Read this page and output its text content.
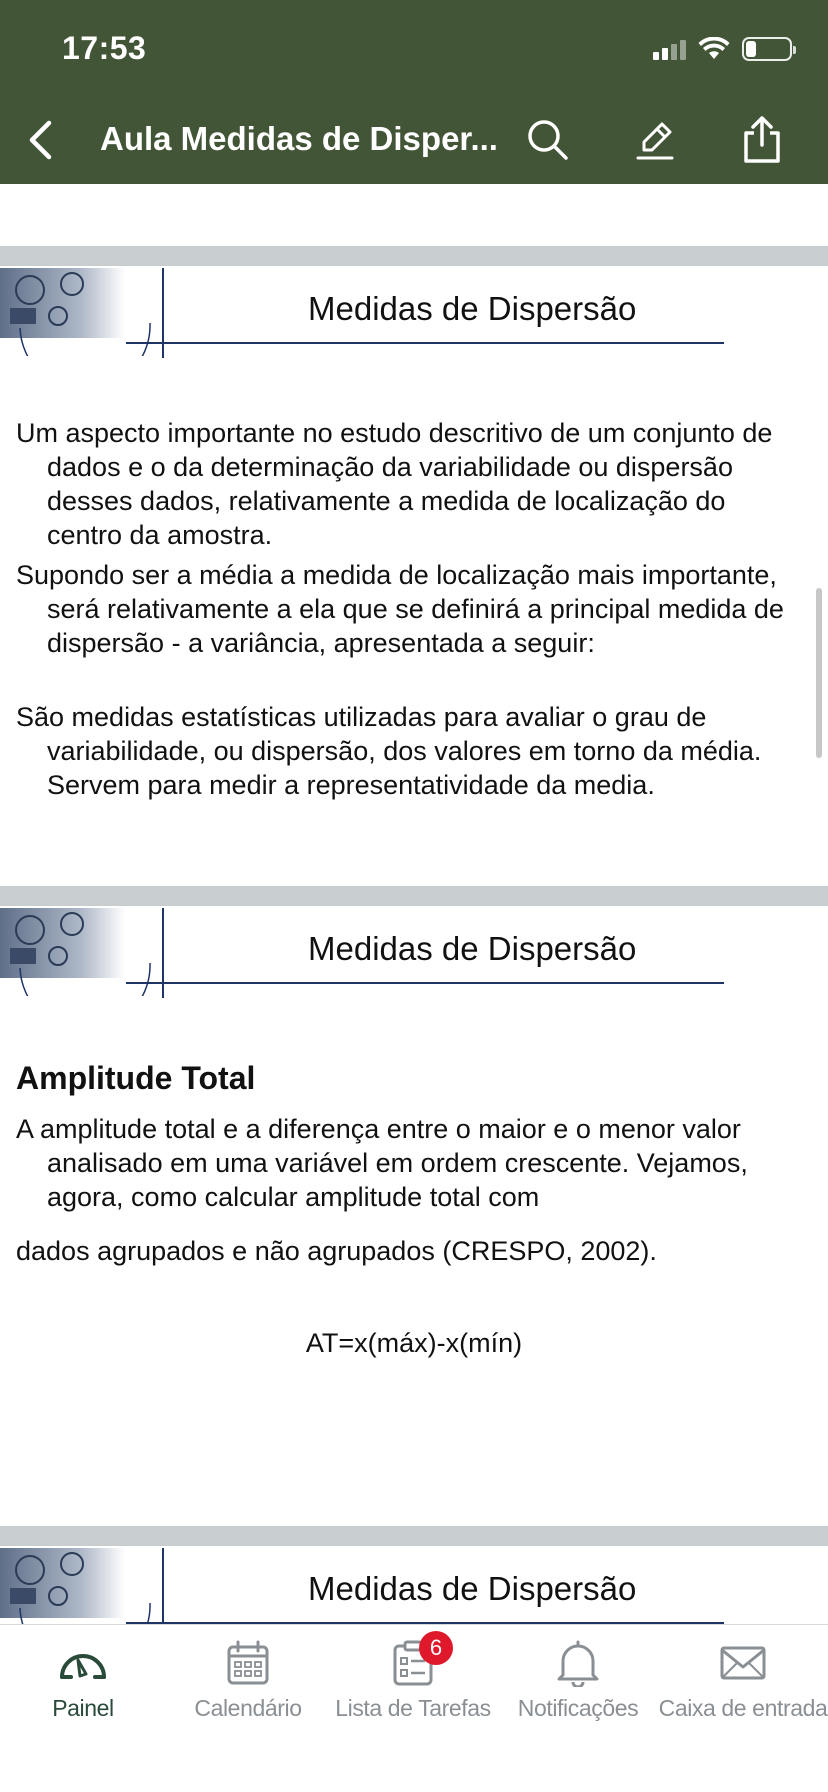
17:53
Aula Medidas de Disper...
Medidas de Dispersão
Um aspecto importante no estudo descritivo de um conjunto de dados e o da determinação da variabilidade ou dispersão desses dados, relativamente a medida de localização do centro da amostra.
Supondo ser a média a medida de localização mais importante, será relativamente a ela que se definirá a principal medida de dispersão - a variância, apresentada a seguir:
São medidas estatísticas utilizadas para avaliar o grau de variabilidade, ou dispersão, dos valores em torno da média. Servem para medir a representatividade da media.
Medidas de Dispersão
Amplitude Total
A amplitude total e a diferença entre o maior e o menor valor analisado em uma variável em ordem crescente. Vejamos, agora, como calcular amplitude total com
dados agrupados e não agrupados (CRESPO, 2002).
AT=x(máx)-x(mín)
Medidas de Dispersão
Painel	Calendário
6
Lista de Tarefas Notificações Caixa de entrada
